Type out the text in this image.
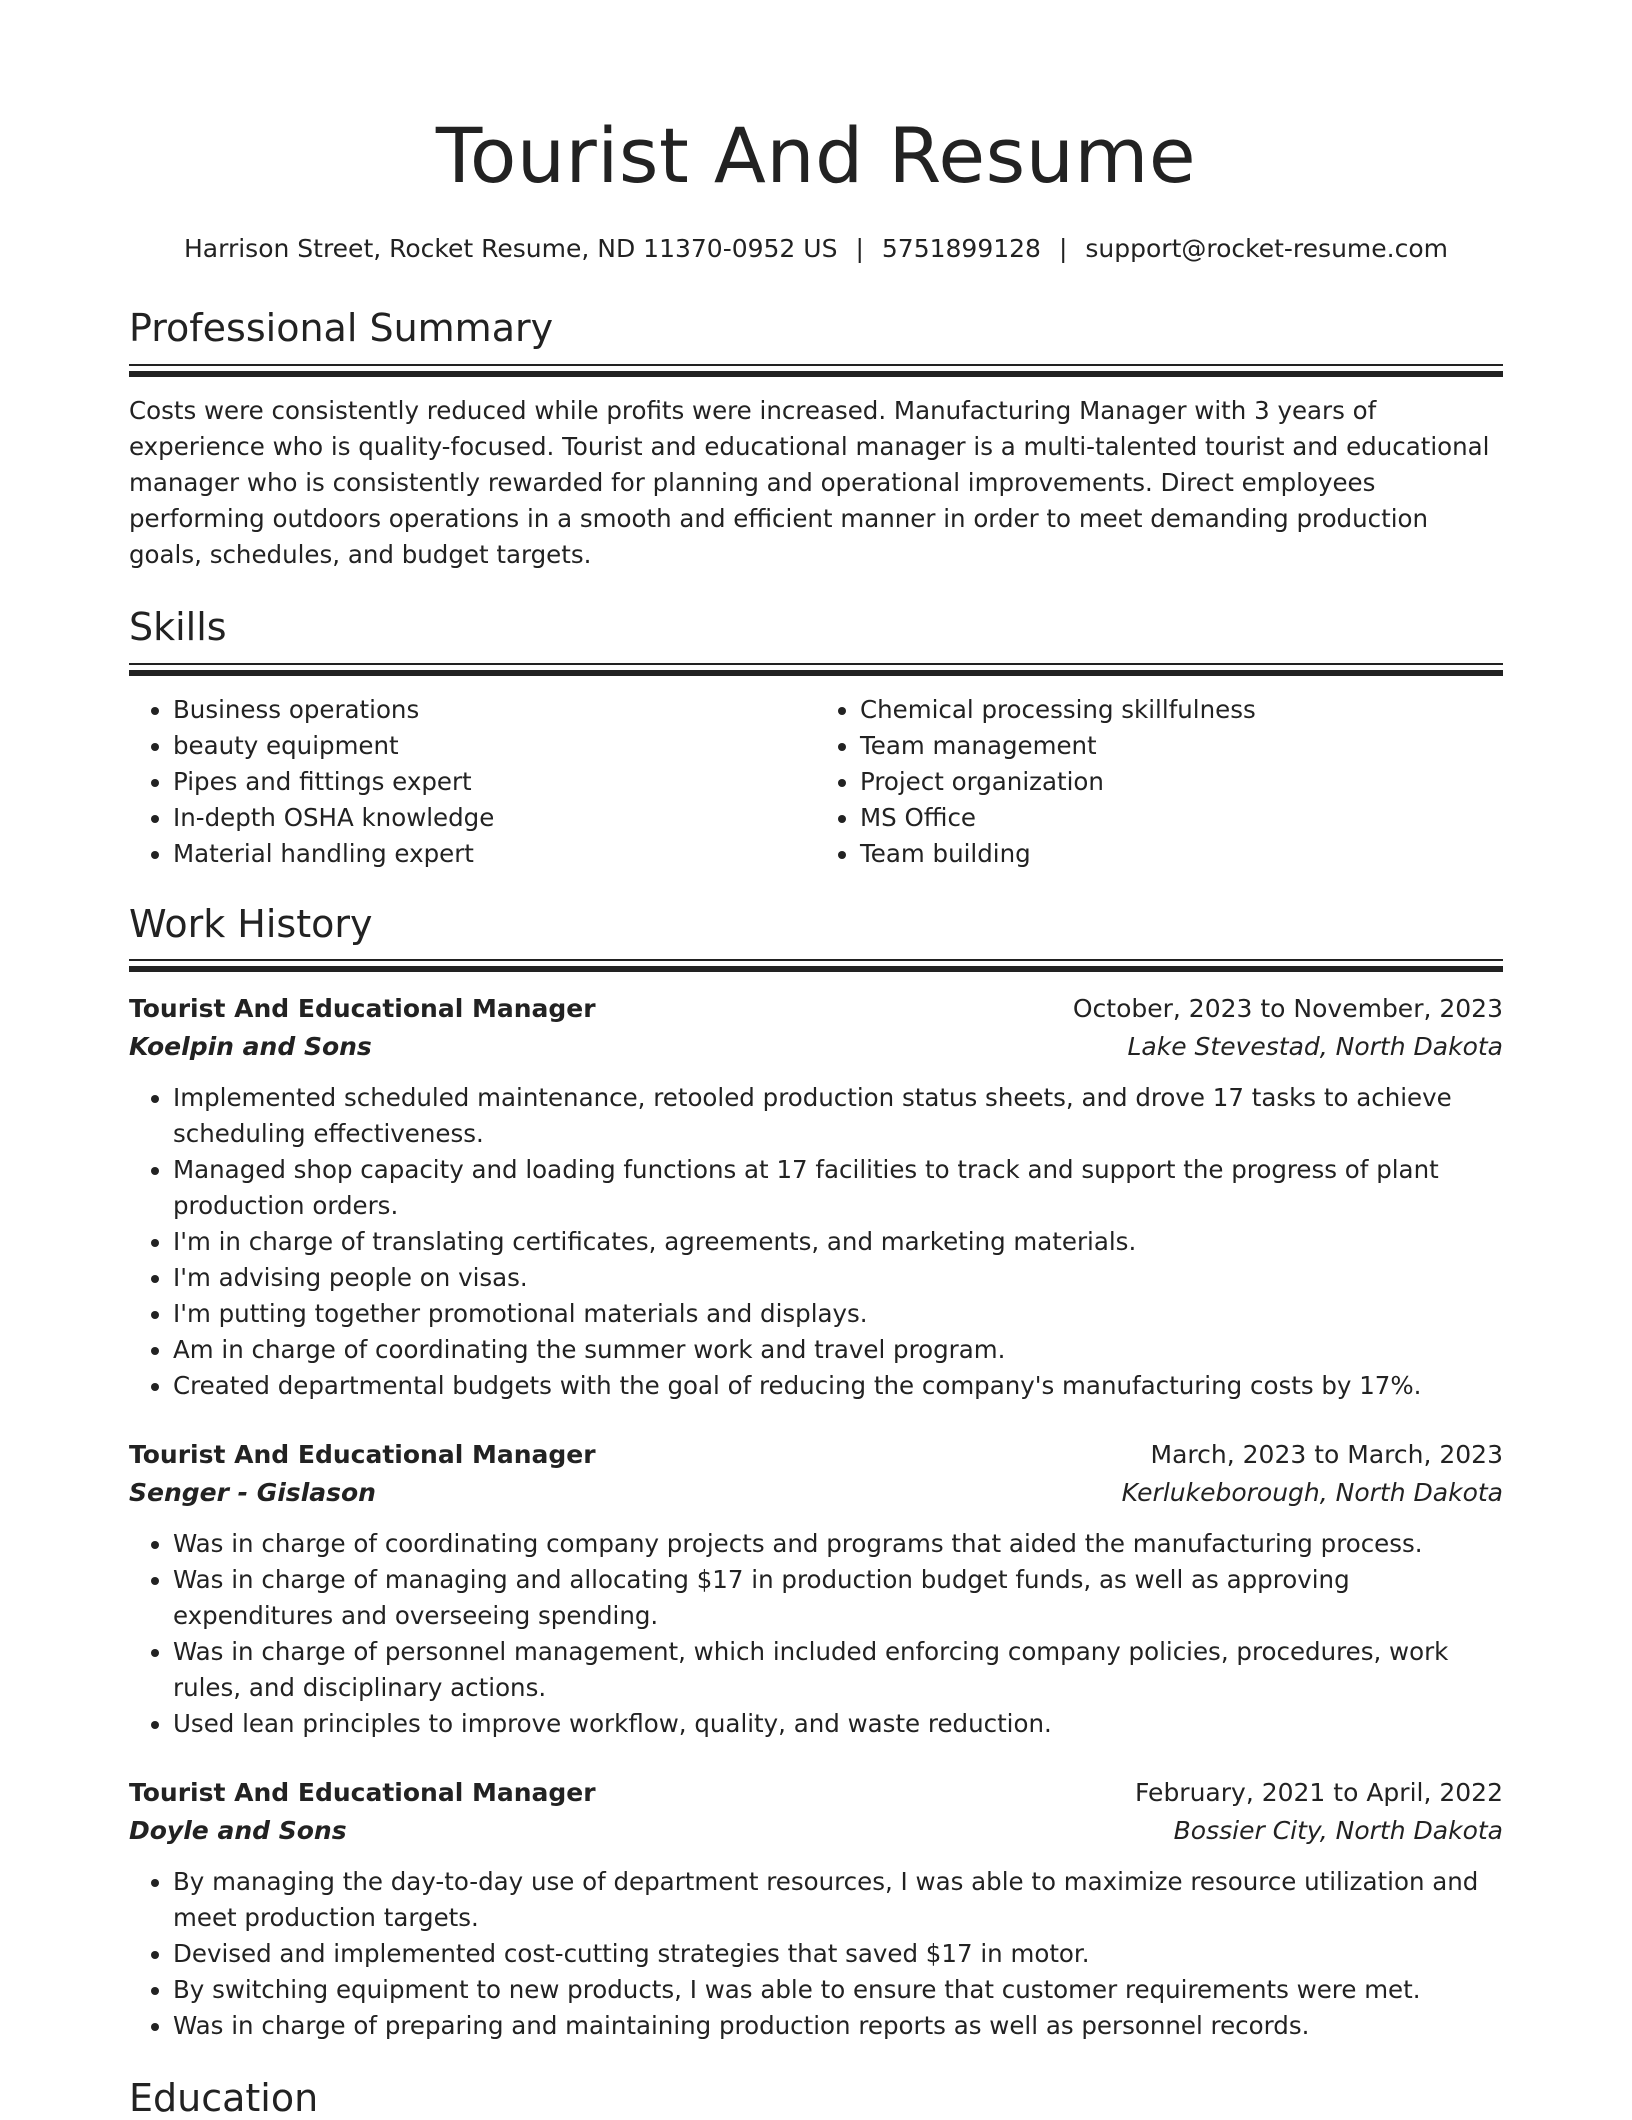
Tourist And Resume
Harrison Street, Rocket Resume, ND 11370-0952 US | 5751899128 | support@rocket-resume.com
Professional Summary

Costs were consistently reduced while profits were increased. Manufacturing Manager with 3 years of experience who is quality-focused. Tourist and educational manager is a multi-talented tourist and educational manager who is consistently rewarded for planning and operational improvements. Direct employees performing outdoors operations in a smooth and efficient manner in order to meet demanding production goals, schedules, and budget targets.

Skills
• Business operations
• beauty equipment
• Pipes and fittings expert
• In-depth OSHA knowledge
• Material handling expert
• Chemical processing skillfulness
• Team management
• Project organization
• MS Office
• Team building
Work History
Tourist And Educational Manager	October, 2023 to November, 2023
Koelpin and Sons	Lake Stevestad, North Dakota
• Implemented scheduled maintenance, retooled production status sheets, and drove 17 tasks to achieve scheduling effectiveness.
• Managed shop capacity and loading functions at 17 facilities to track and support the progress of plant production orders.
• I'm in charge of translating certificates, agreements, and marketing materials.
• I'm advising people on visas.
• I'm putting together promotional materials and displays.
• Am in charge of coordinating the summer work and travel program.
• Created departmental budgets with the goal of reducing the company's manufacturing costs by 17%.
Tourist And Educational Manager	March, 2023 to March, 2023
Senger - Gislason	Kerlukeborough, North Dakota
• Was in charge of coordinating company projects and programs that aided the manufacturing process.
• Was in charge of managing and allocating $17 in production budget funds, as well as approving expenditures and overseeing spending.
• Was in charge of personnel management, which included enforcing company policies, procedures, work rules, and disciplinary actions.
• Used lean principles to improve workflow, quality, and waste reduction.
Tourist And Educational Manager	February, 2021 to April, 2022
Doyle and Sons	Bossier City, North Dakota
• By managing the day-to-day use of department resources, I was able to maximize resource utilization and meet production targets.
• Devised and implemented cost-cutting strategies that saved $17 in motor.
• By switching equipment to new products, I was able to ensure that customer requirements were met.
• Was in charge of preparing and maintaining production reports as well as personnel records.
Education
